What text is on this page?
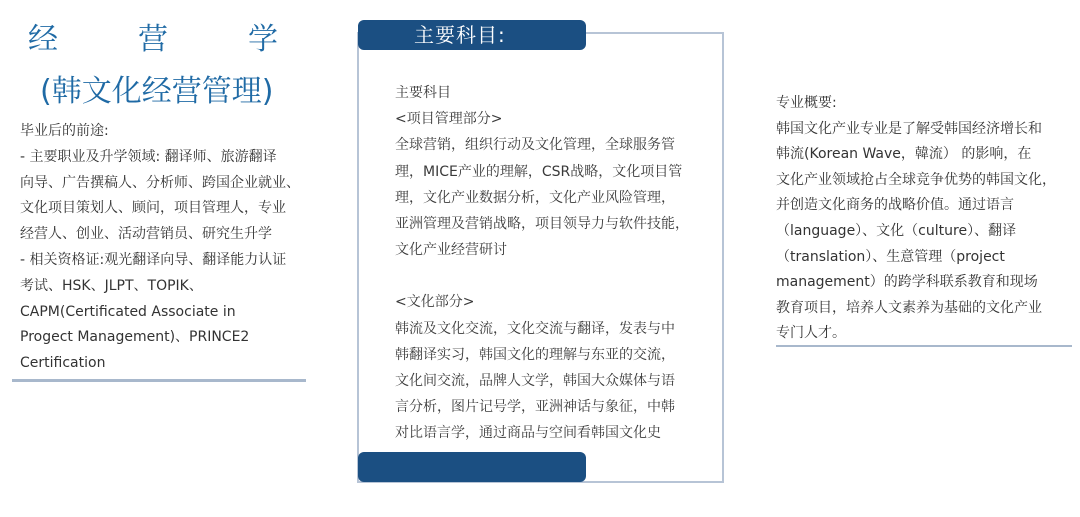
经	营	学
(韩文化经营管理)

毕业后的前途:

- 主要职业及升学领域: 翻译师、旅游翻译

向导、广告撰稿人、分析师、跨国企业就业、

文化项目策划人、顾问，项目管理人，专业

经营人、创业、活动营销员、研究生升学

- 相关资格证:观光翻译向导、翻译能力认证

考试、HSK、JLPT、TOPIK、

CAPM(Certificated Associate in

Progect Management)、PRINCE2

Certification

主要科目:

主要科目

<项目管理部分>

全球营销，组织行动及文化管理，全球服务管

理，MICE产业的理解，CSR战略，文化项目管

理，文化产业数据分析，文化产业风险管理，

亚洲管理及营销战略，项目领导力与软件技能，

文化产业经营研讨

<文化部分>

韩流及文化交流，文化交流与翻译，发表与中

韩翻译实习，韩国文化的理解与东亚的交流，

文化间交流，品牌人文学，韩国大众媒体与语

言分析，图片记号学，亚洲神话与象征，中韩

对比语言学，通过商品与空间看韩国文化史

专业概要:

韩国文化产业专业是了解受韩国经济增长和

韩流(Korean Wave，韓流） 的影响，在

文化产业领域抢占全球竞争优势的韩国文化，

并创造文化商务的战略价值。通过语言

（language）、文化（culture）、翻译

（translation）、生意管理（project

management）的跨学科联系教育和现场

教育项目，培养人文素养为基础的文化产业

专门人才。
